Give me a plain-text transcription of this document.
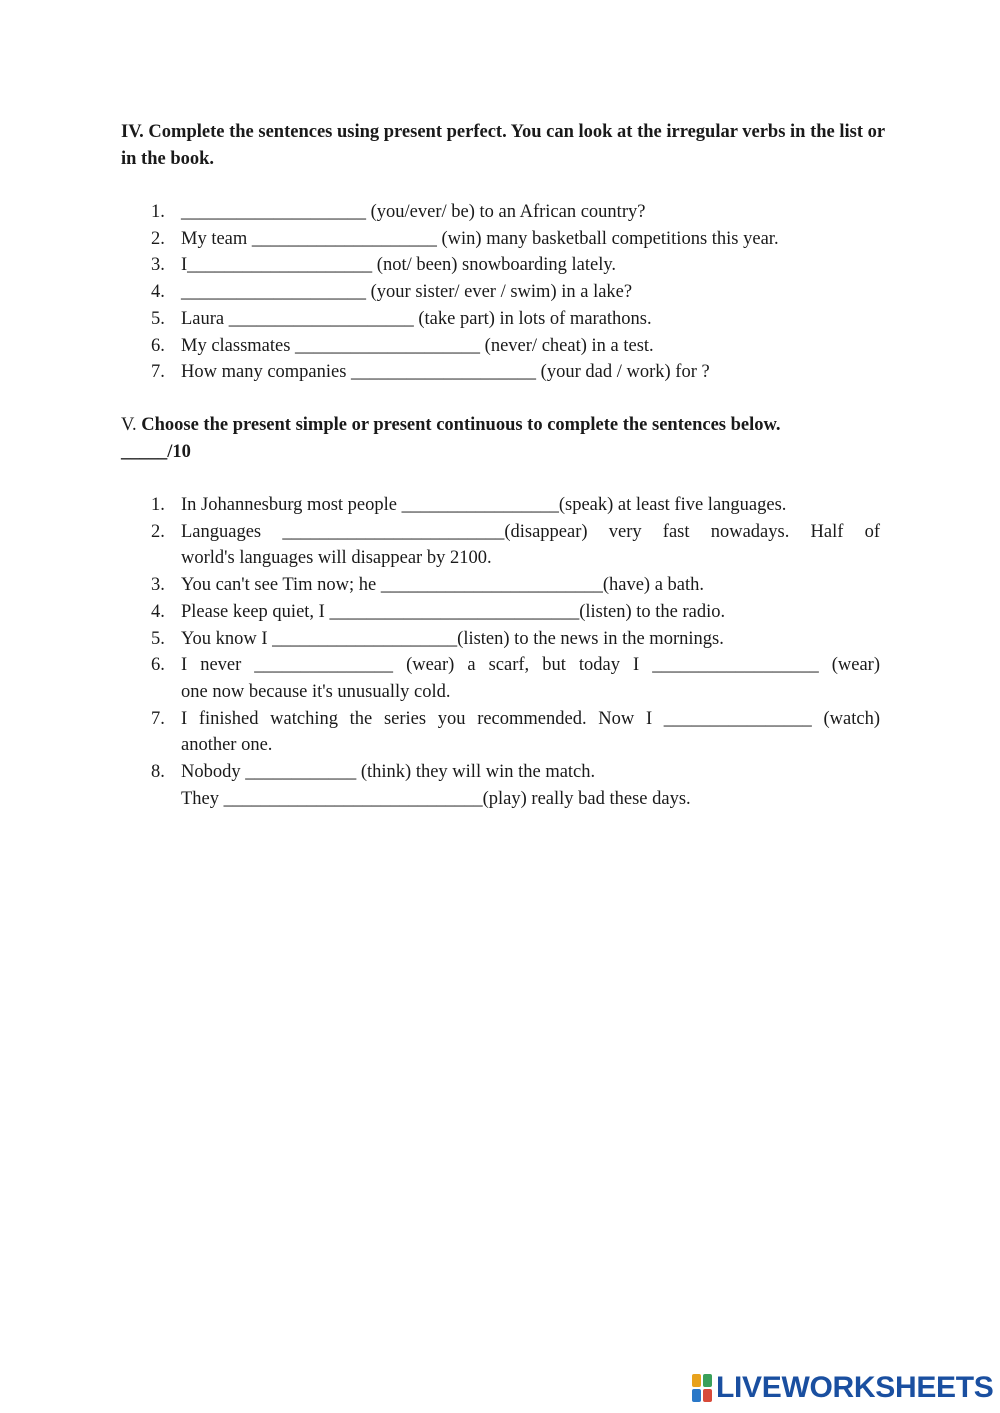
IV. Complete the sentences using present perfect. You can look at the irregular verbs in the list or in the book.
1. ____________________ (you/ever/ be) to an African country?
2. My team ____________________ (win) many basketball competitions this year.
3. I____________________ (not/ been) snowboarding lately.
4. ____________________ (your sister/ ever / swim) in a lake?
5. Laura ____________________ (take part) in lots of marathons.
6. My classmates ____________________ (never/ cheat) in a test.
7. How many companies ____________________ (your dad / work) for ?
V. Choose the present simple or present continuous to complete the sentences below.
_____/10
1. In Johannesburg most people _________________(speak) at least five languages.
2. Languages ________________________(disappear) very fast nowadays. Half of
world's languages will disappear by 2100.
3. You can't see Tim now; he ________________________(have) a bath.
4. Please keep quiet, I ___________________________(listen) to the radio.
5. You know I ____________________(listen) to the news in the mornings.
6. I never _______________ (wear) a scarf, but today I __________________ (wear)
one now because it's unusually cold.
7. I finished watching the series you recommended. Now I ________________ (watch)
another one.
8. Nobody ____________ (think) they will win the match.
They ____________________________(play) really bad these days.
LIVEWORKSHEETS
